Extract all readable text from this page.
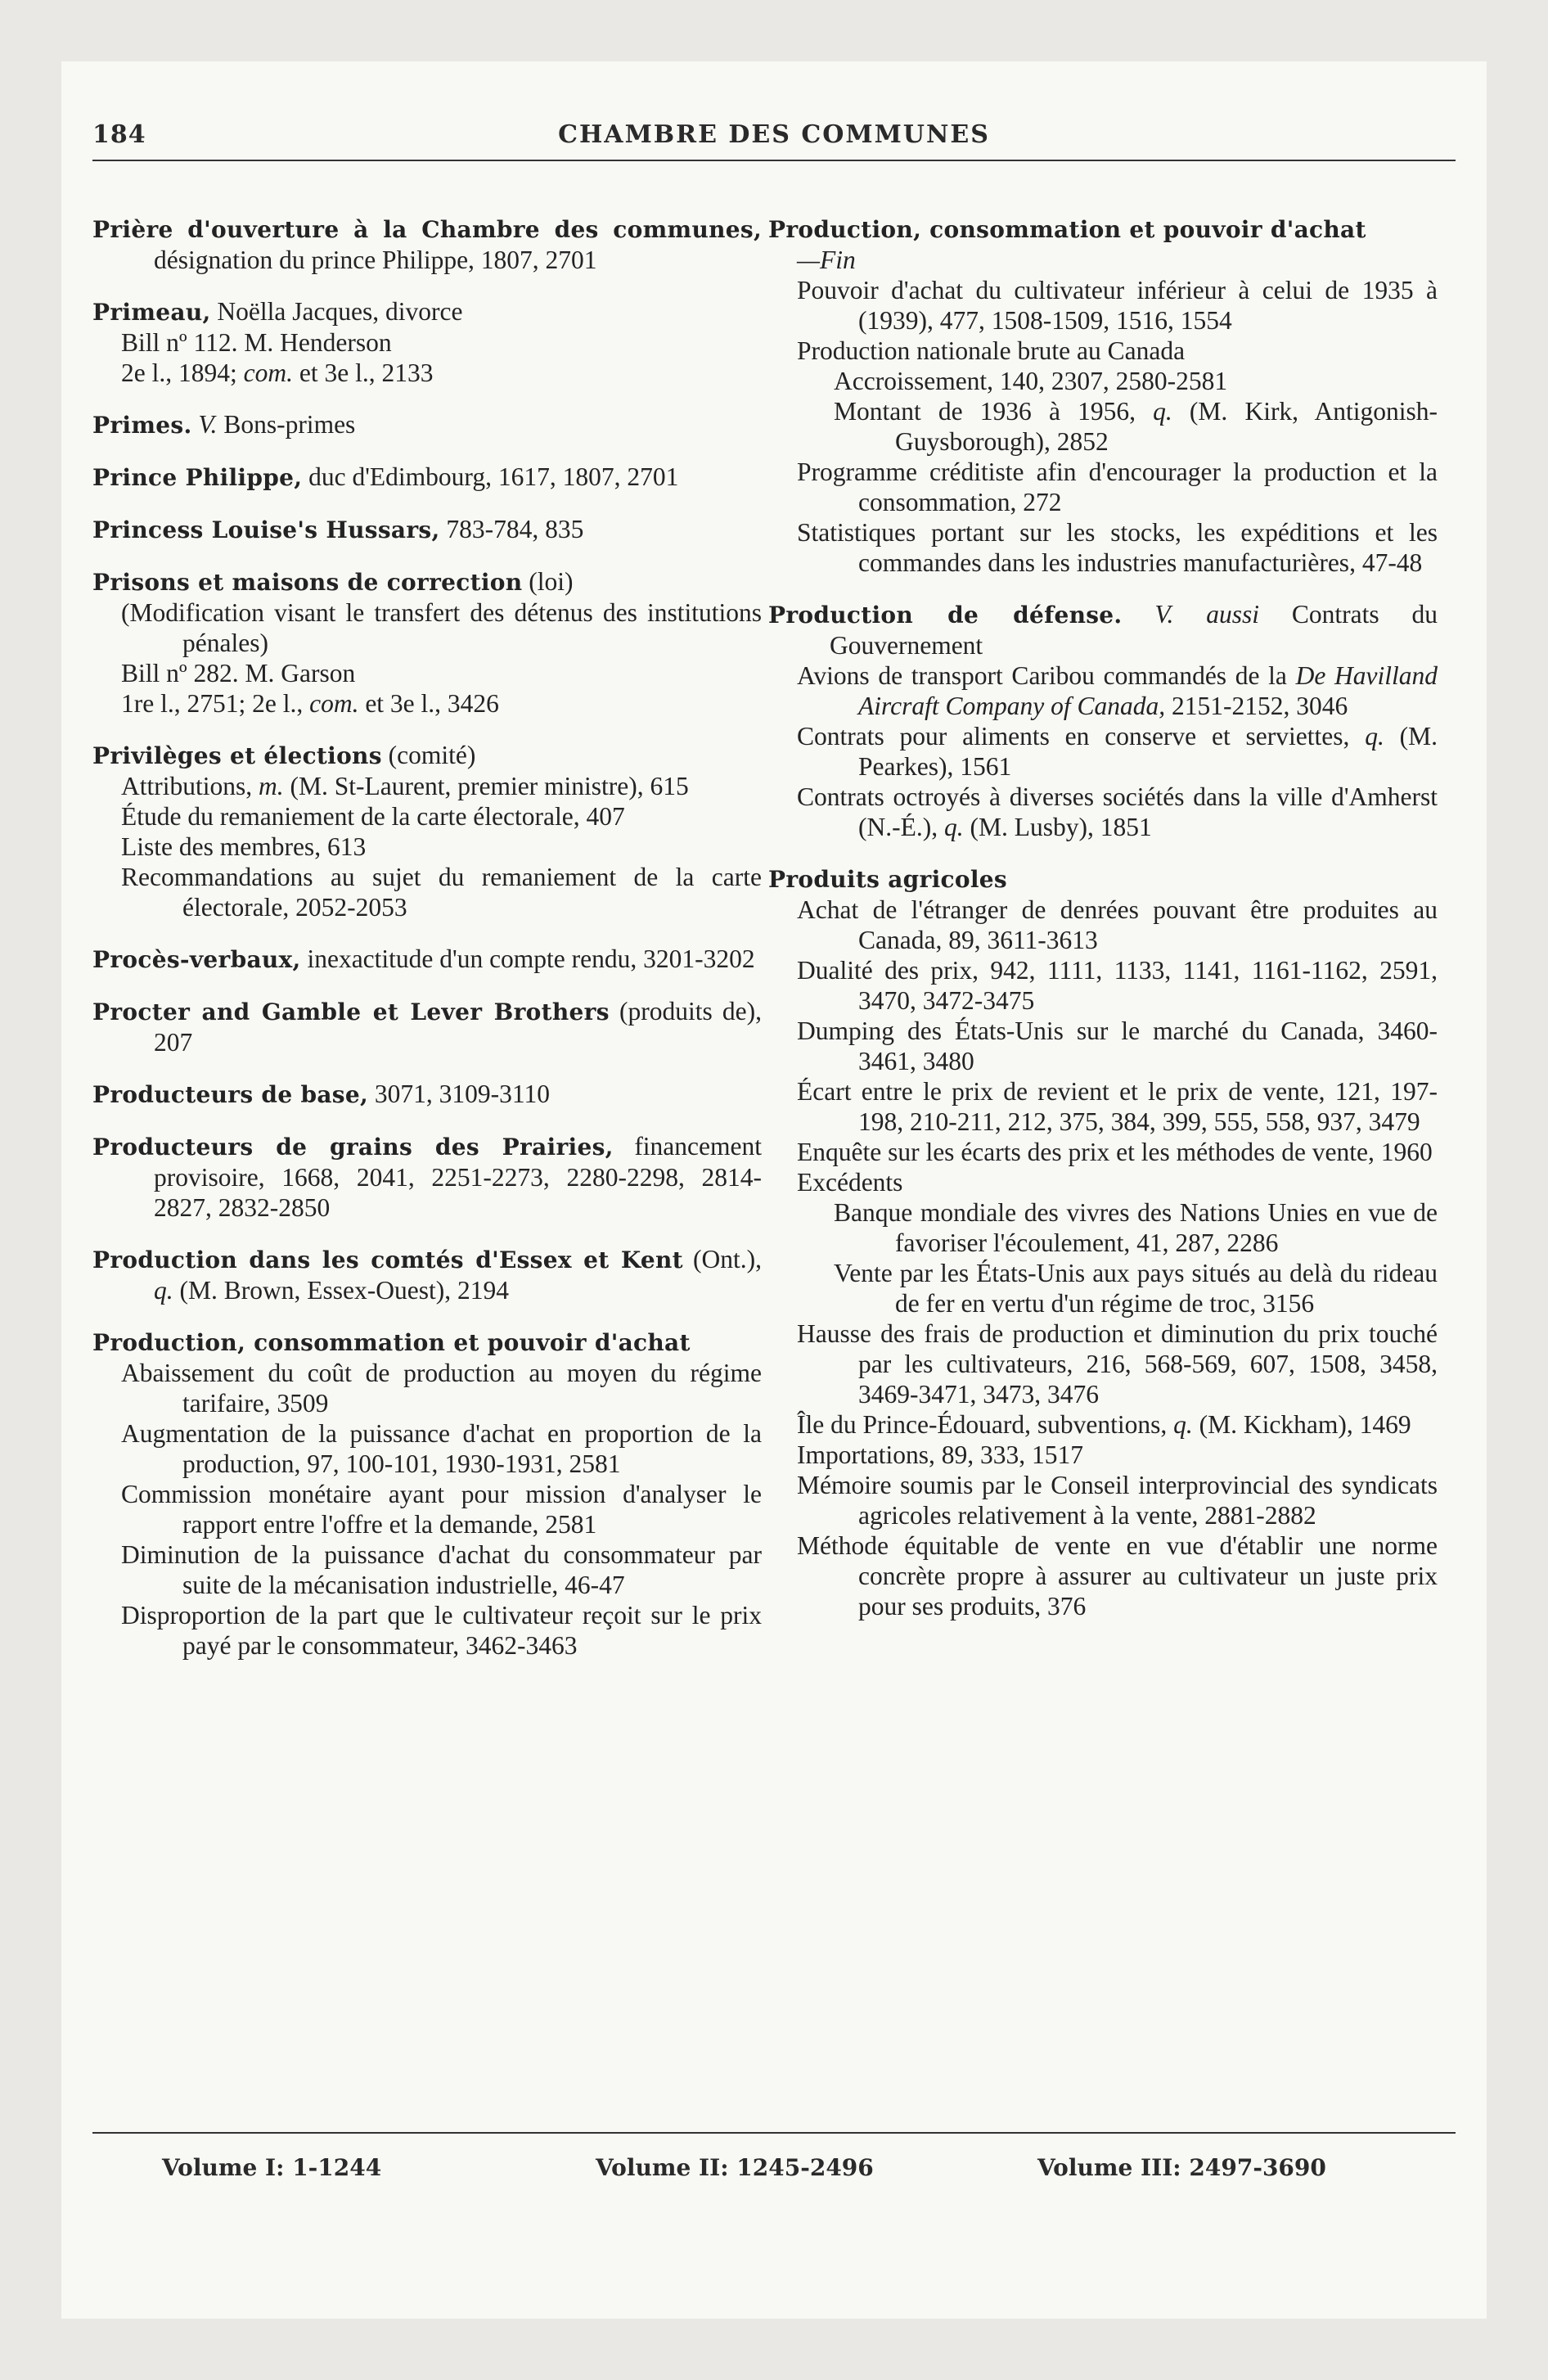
184	CHAMBRE DES COMMUNES
Prière d'ouverture à la Chambre des communes, désignation du prince Philippe, 1807, 2701
Primeau, Noëlla Jacques, divorce
Bill nº 112. M. Henderson
2e l., 1894; com. et 3e l., 2133
Primes. V. Bons-primes
Prince Philippe, duc d'Edimbourg, 1617, 1807, 2701
Princess Louise's Hussars, 783-784, 835
Prisons et maisons de correction (loi)
(Modification visant le transfert des détenus des institutions pénales)
Bill nº 282. M. Garson
1re l., 2751; 2e l., com. et 3e l., 3426
Privilèges et élections (comité)
Attributions, m. (M. St-Laurent, premier ministre), 615
Étude du remaniement de la carte électorale, 407
Liste des membres, 613
Recommandations au sujet du remaniement de la carte électorale, 2052-2053
Procès-verbaux, inexactitude d'un compte rendu, 3201-3202
Procter and Gamble et Lever Brothers (produits de), 207
Producteurs de base, 3071, 3109-3110
Producteurs de grains des Prairies, financement provisoire, 1668, 2041, 2251-2273, 2280-2298, 2814-2827, 2832-2850
Production dans les comtés d'Essex et Kent (Ont.), q. (M. Brown, Essex-Ouest), 2194
Production, consommation et pouvoir d'achat
Abaissement du coût de production au moyen du régime tarifaire, 3509
Augmentation de la puissance d'achat en proportion de la production, 97, 100-101, 1930-1931, 2581
Commission monétaire ayant pour mission d'analyser le rapport entre l'offre et la demande, 2581
Diminution de la puissance d'achat du consommateur par suite de la mécanisation industrielle, 46-47
Disproportion de la part que le cultivateur reçoit sur le prix payé par le consommateur, 3462-3463
Production, consommation et pouvoir d'achat
—Fin
Pouvoir d'achat du cultivateur inférieur à celui de 1935 à (1939), 477, 1508-1509, 1516, 1554
Production nationale brute au Canada
Accroissement, 140, 2307, 2580-2581
Montant de 1936 à 1956, q. (M. Kirk, Antigonish-Guysborough), 2852
Programme créditiste afin d'encourager la production et la consommation, 272
Statistiques portant sur les stocks, les expéditions et les commandes dans les industries manufacturières, 47-48
Production de défense. V. aussi Contrats du Gouvernement
Avions de transport Caribou commandés de la De Havilland Aircraft Company of Canada, 2151-2152, 3046
Contrats pour aliments en conserve et serviettes, q. (M. Pearkes), 1561
Contrats octroyés à diverses sociétés dans la ville d'Amherst (N.-É.), q. (M. Lusby), 1851
Produits agricoles
Achat de l'étranger de denrées pouvant être produites au Canada, 89, 3611-3613
Dualité des prix, 942, 1111, 1133, 1141, 1161-1162, 2591, 3470, 3472-3475
Dumping des États-Unis sur le marché du Canada, 3460-3461, 3480
Écart entre le prix de revient et le prix de vente, 121, 197-198, 210-211, 212, 375, 384, 399, 555, 558, 937, 3479
Enquête sur les écarts des prix et les méthodes de vente, 1960
Excédents
Banque mondiale des vivres des Nations Unies en vue de favoriser l'écoulement, 41, 287, 2286
Vente par les États-Unis aux pays situés au delà du rideau de fer en vertu d'un régime de troc, 3156
Hausse des frais de production et diminution du prix touché par les cultivateurs, 216, 568-569, 607, 1508, 3458, 3469-3471, 3473, 3476
Île du Prince-Édouard, subventions, q. (M. Kickham), 1469
Importations, 89, 333, 1517
Mémoire soumis par le Conseil interprovincial des syndicats agricoles relativement à la vente, 2881-2882
Méthode équitable de vente en vue d'établir une norme concrète propre à assurer au cultivateur un juste prix pour ses produits, 376
Volume I: 1-1244	Volume II: 1245-2496	Volume III: 2497-3690
